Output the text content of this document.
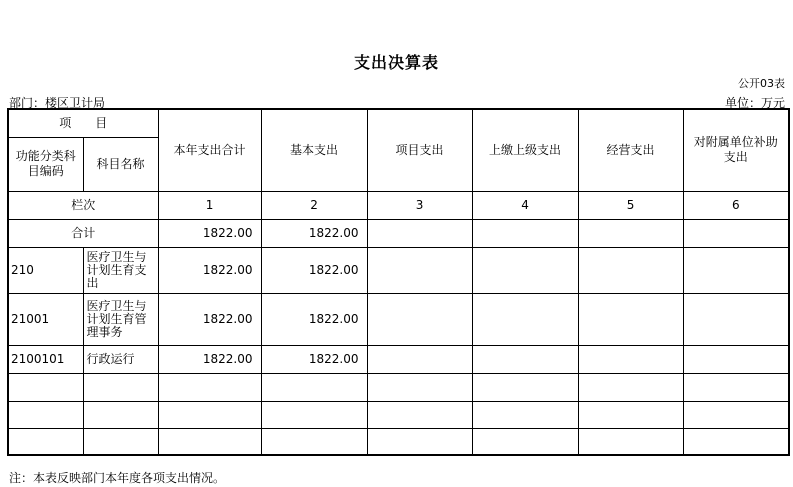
支出决算表
公开03表
部门：楼区卫计局	单位：万元
项　　目		本年支出合计	基本支出	项目支出	上缴上级支出	经营支出	对附属单位补助支出
功能分类科目编码	科目名称						
栏次		1	2	3	4	5	6
合计		1822.00	1822.00				
210	医疗卫生与计划生育支出	1822.00	1822.00				
21001	医疗卫生与计划生育管理事务	1822.00	1822.00				
2100101	行政运行	1822.00	1822.00				

注：本表反映部门本年度各项支出情况。
